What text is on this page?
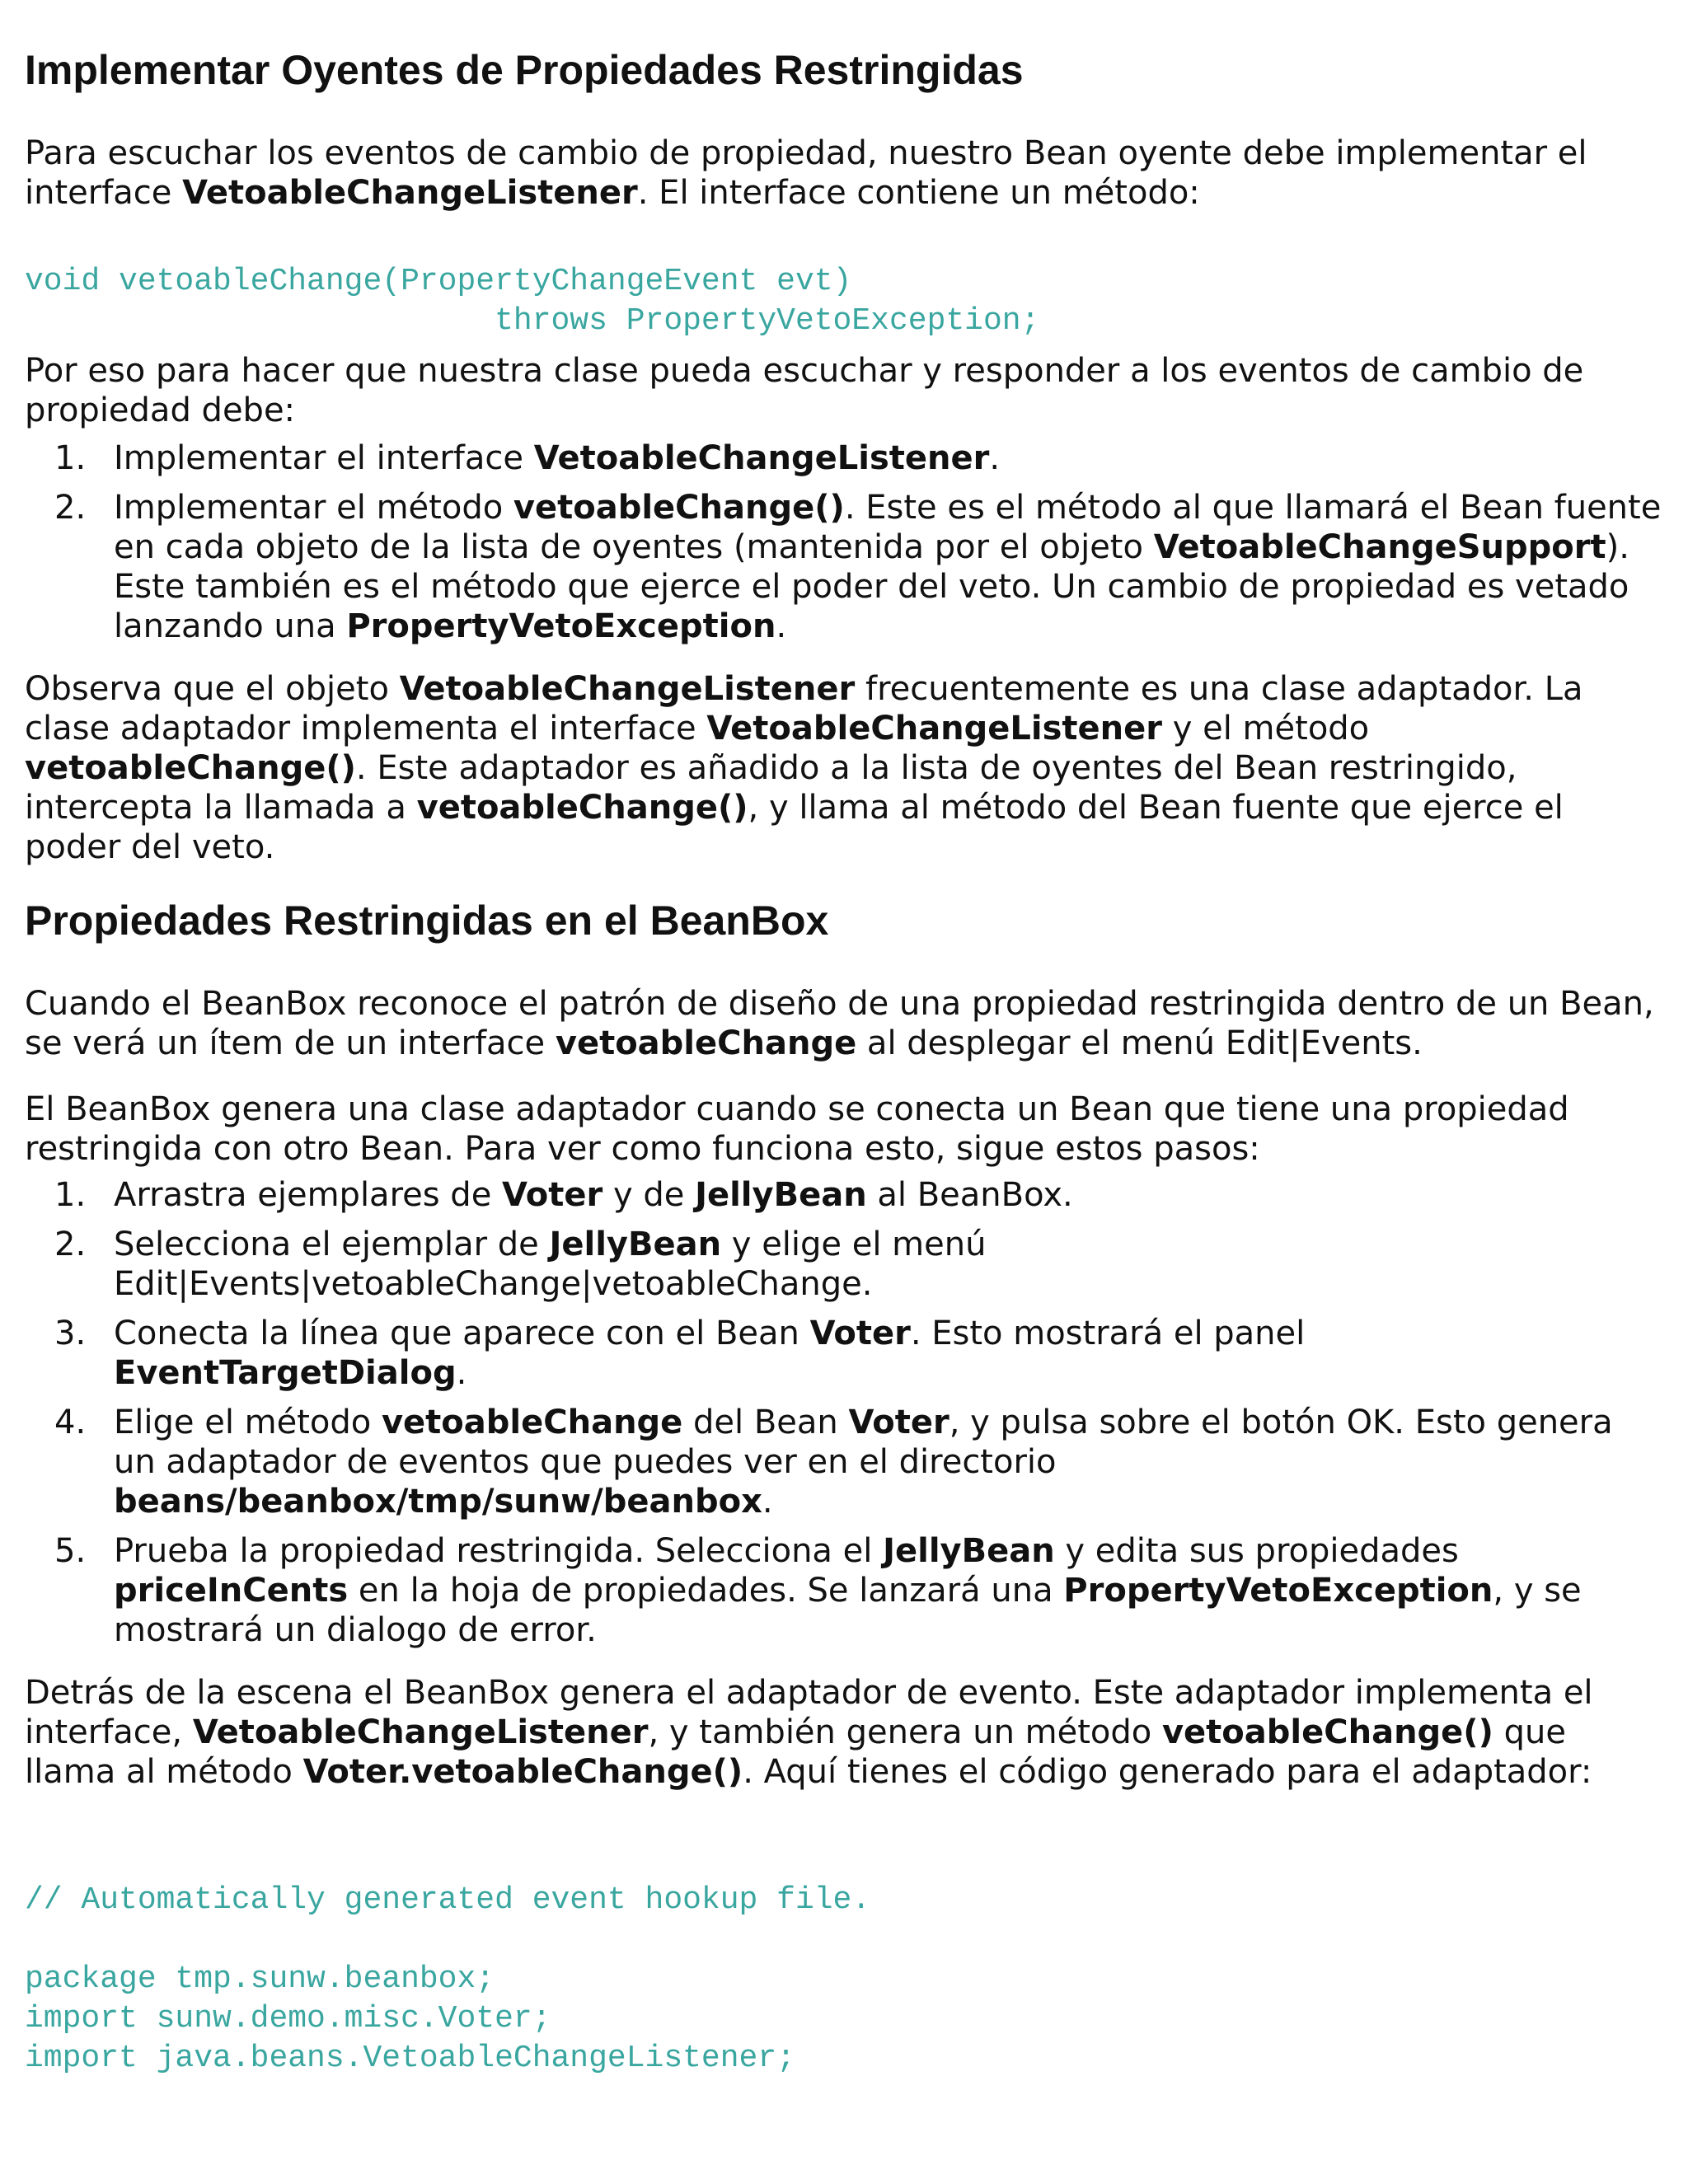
Implementar Oyentes de Propiedades Restringidas

Para escuchar los eventos de cambio de propiedad, nuestro Bean oyente debe implementar el interface VetoableChangeListener. El interface contiene un método:

void vetoableChange(PropertyChangeEvent evt)
throws PropertyVetoException;

Por eso para hacer que nuestra clase pueda escuchar y responder a los eventos de cambio de propiedad debe:

1. Implementar el interface VetoableChangeListener.
2. Implementar el método vetoableChange(). Este es el método al que llamará el Bean fuente en cada objeto de la lista de oyentes (mantenida por el objeto VetoableChangeSupport). Este también es el método que ejerce el poder del veto. Un cambio de propiedad es vetado lanzando una PropertyVetoException.

Observa que el objeto VetoableChangeListener frecuentemente es una clase adaptador. La clase adaptador implementa el interface VetoableChangeListener y el método vetoableChange(). Este adaptador es añadido a la lista de oyentes del Bean restringido, intercepta la llamada a vetoableChange(), y llama al método del Bean fuente que ejerce el poder del veto.

Propiedades Restringidas en el BeanBox

Cuando el BeanBox reconoce el patrón de diseño de una propiedad restringida dentro de un Bean, se verá un ítem de un interface vetoableChange al desplegar el menú Edit|Events.

El BeanBox genera una clase adaptador cuando se conecta un Bean que tiene una propiedad restringida con otro Bean. Para ver como funciona esto, sigue estos pasos:

1. Arrastra ejemplares de Voter y de JellyBean al BeanBox.
2. Selecciona el ejemplar de JellyBean y elige el menú Edit|Events|vetoableChange|vetoableChange.
3. Conecta la línea que aparece con el Bean Voter. Esto mostrará el panel EventTargetDialog.
4. Elige el método vetoableChange del Bean Voter, y pulsa sobre el botón OK. Esto genera un adaptador de eventos que puedes ver en el directorio beans/beanbox/tmp/sunw/beanbox.
5. Prueba la propiedad restringida. Selecciona el JellyBean y edita sus propiedades priceInCents en la hoja de propiedades. Se lanzará una PropertyVetoException, y se mostrará un dialogo de error.

Detrás de la escena el BeanBox genera el adaptador de evento. Este adaptador implementa el interface, VetoableChangeListener, y también genera un método vetoableChange() que llama al método Voter.vetoableChange(). Aquí tienes el código generado para el adaptador:

// Automatically generated event hookup file.

package tmp.sunw.beanbox;
import sunw.demo.misc.Voter;
import java.beans.VetoableChangeListener;
